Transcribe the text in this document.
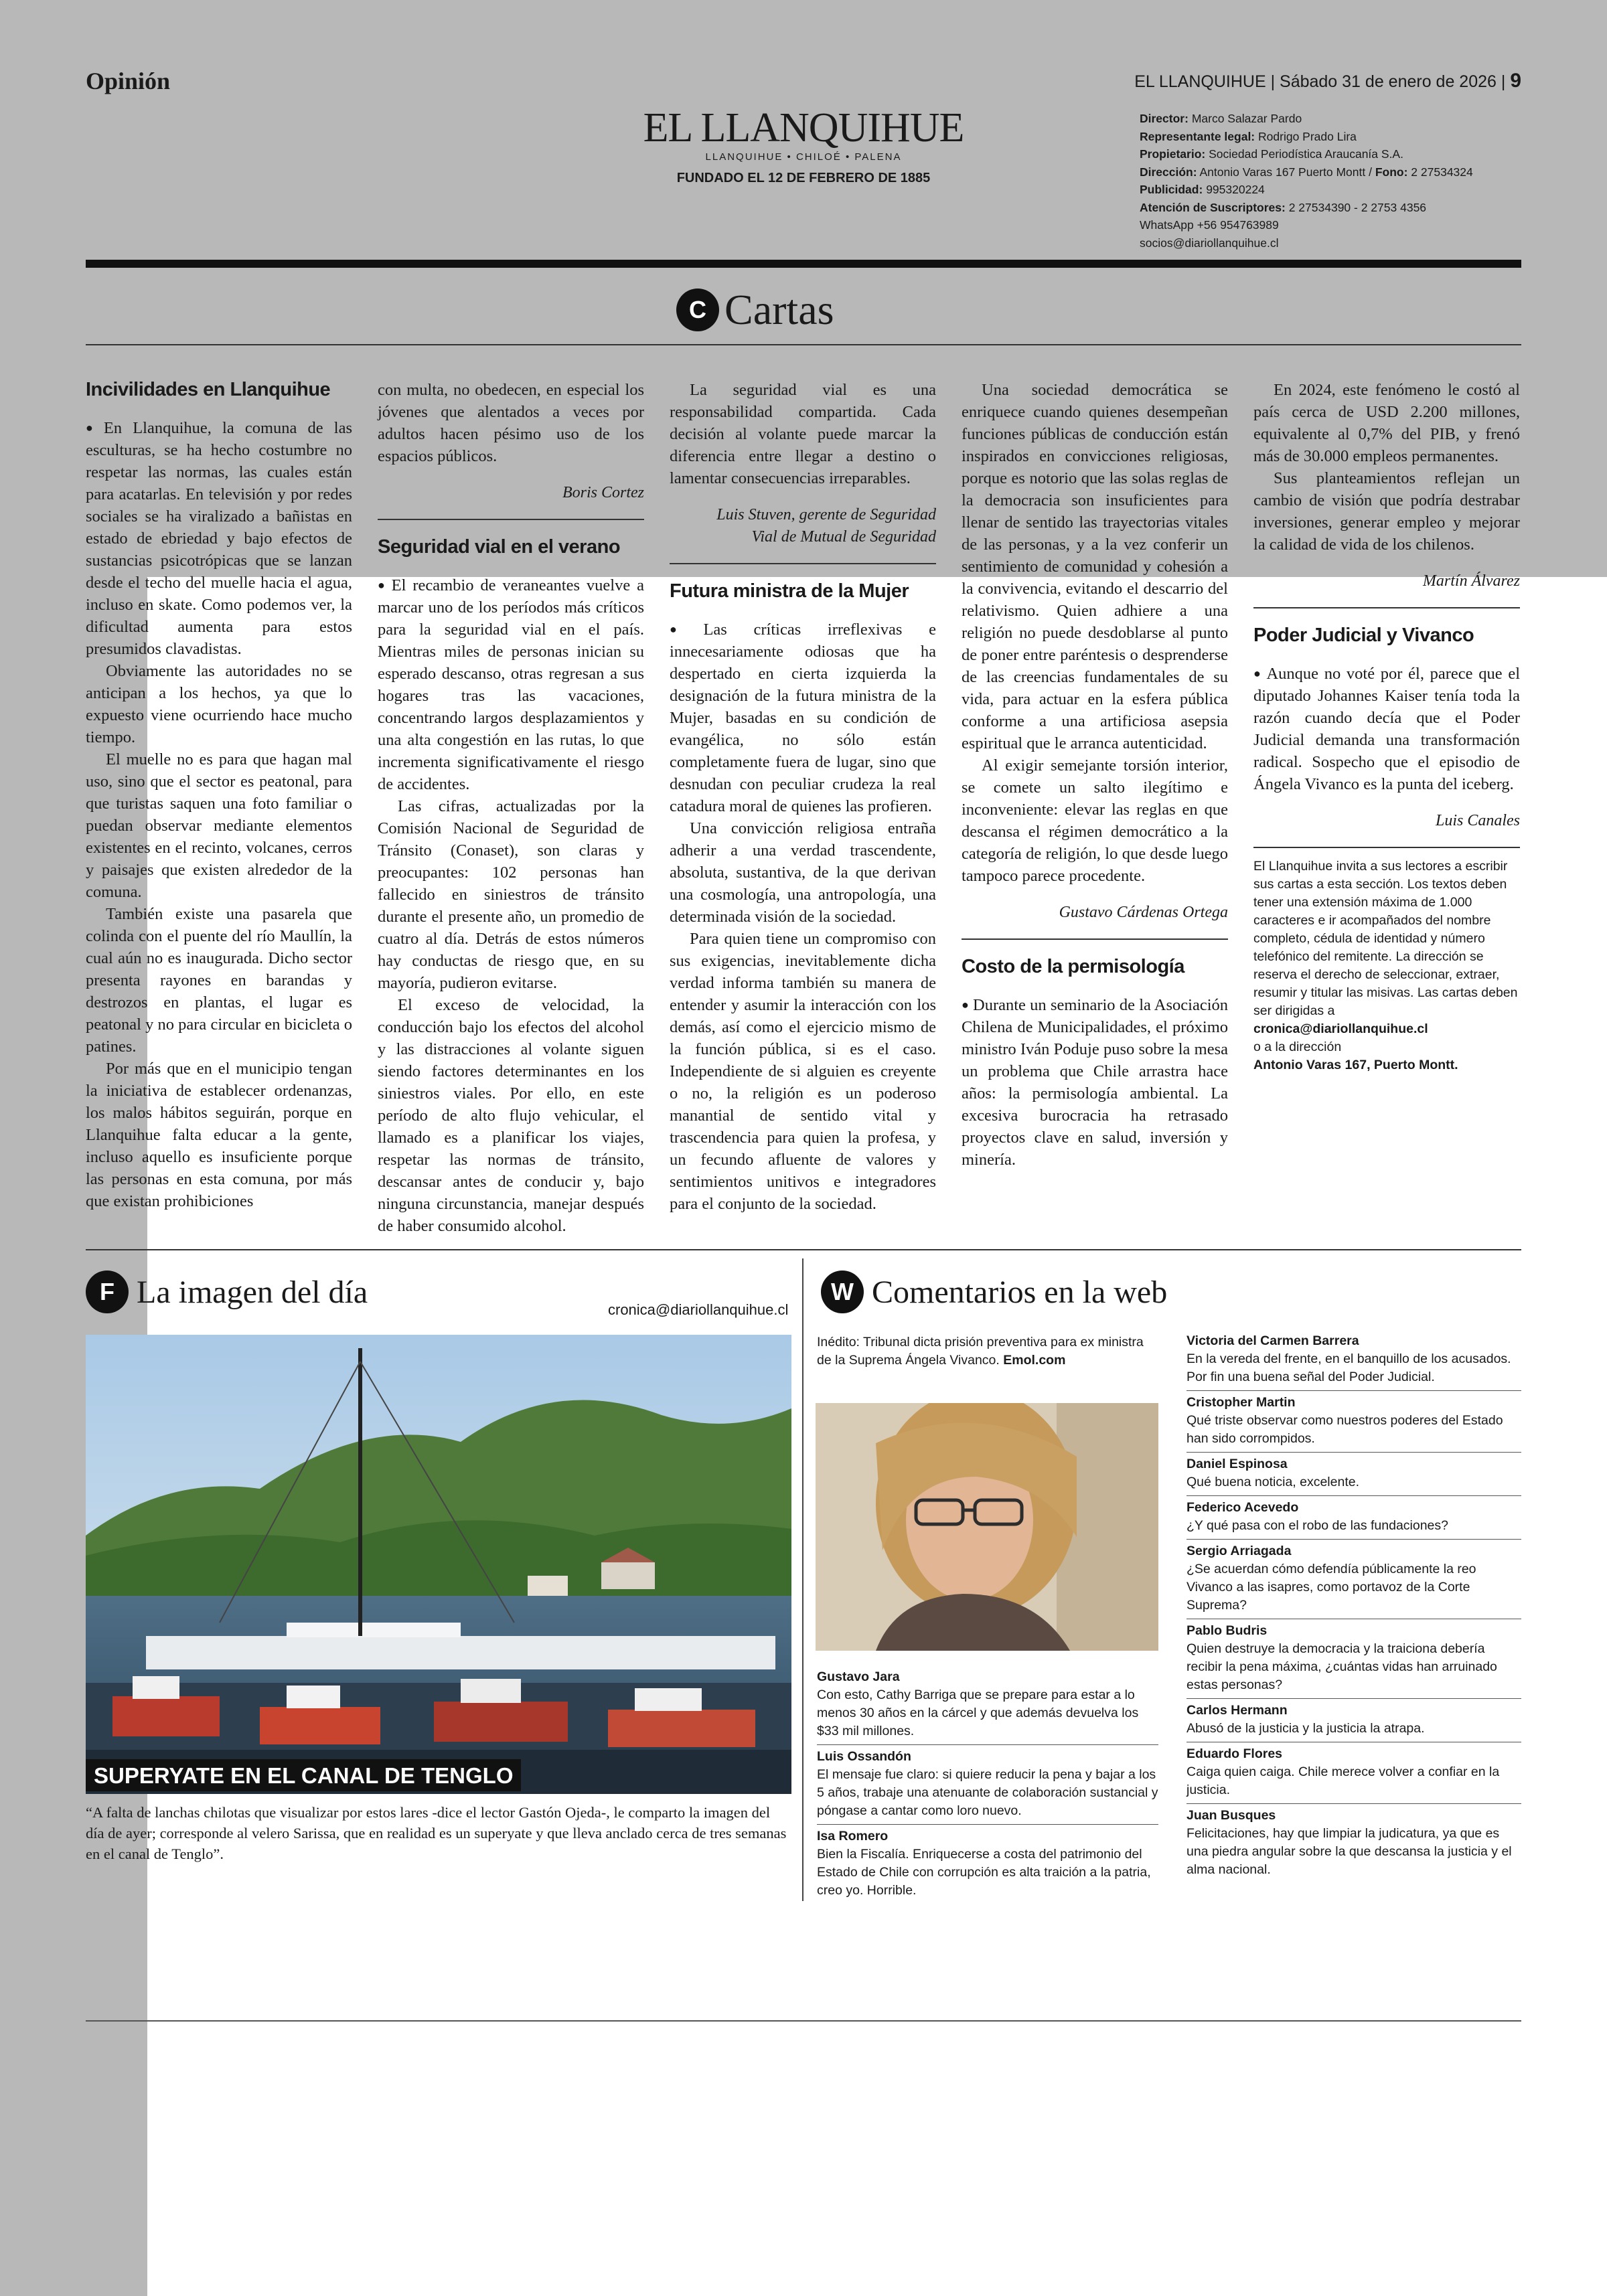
Opinión	EL LLANQUIHUE | Sábado 31 de enero de 2026 | 9
EL LLANQUIHUE
LLANQUIHUE • CHILOÉ • PALENA
FUNDADO EL 12 DE FEBRERO DE 1885
Director: Marco Salazar Pardo
Representante legal: Rodrigo Prado Lira
Propietario: Sociedad Periodística Araucanía S.A.
Dirección: Antonio Varas 167 Puerto Montt / Fono: 2 27534324
Publicidad: 995320224
Atención de Suscriptores: 2 27534390 - 2 2753 4356
WhatsApp +56 954763989
socios@diariollanquihue.cl
C Cartas
Incivilidades en Llanquihue

● En Llanquihue, la comuna de las esculturas, se ha hecho costumbre no respetar las normas, las cuales están para acatarlas. En televisión y por redes sociales se ha viralizado a bañistas en estado de ebriedad y bajo efectos de sustancias psicotrópicas que se lanzan desde el techo del muelle hacia el agua, incluso en skate. Como podemos ver, la dificultad aumenta para estos presumidos clavadistas.

Obviamente las autoridades no se anticipan a los hechos, ya que lo expuesto viene ocurriendo hace mucho tiempo.

El muelle no es para que hagan mal uso, sino que el sector es peatonal, para que turistas saquen una foto familiar o puedan observar mediante elementos existentes en el recinto, volcanes, cerros y paisajes que existen alrededor de la comuna.

También existe una pasarela que colinda con el puente del río Maullín, la cual aún no es inaugurada. Dicho sector presenta rayones en barandas y destrozos en plantas, el lugar es peatonal y no para circular en bicicleta o patines.

Por más que en el municipio tengan la iniciativa de establecer ordenanzas, los malos hábitos seguirán, porque en Llanquihue falta educar a la gente, incluso aquello es insuficiente porque las personas en esta comuna, por más que existan prohibiciones

con multa, no obedecen, en especial los jóvenes que alentados a veces por adultos hacen pésimo uso de los espacios públicos.

Boris Cortez
Seguridad vial en el verano

● El recambio de veraneantes vuelve a marcar uno de los períodos más críticos para la seguridad vial en el país. Mientras miles de personas inician su esperado descanso, otras regresan a sus hogares tras las vacaciones, concentrando largos desplazamientos y una alta congestión en las rutas, lo que incrementa significativamente el riesgo de accidentes.

Las cifras, actualizadas por la Comisión Nacional de Seguridad de Tránsito (Conaset), son claras y preocupantes: 102 personas han fallecido en siniestros de tránsito durante el presente año, un promedio de cuatro al día. Detrás de estos números hay conductas de riesgo que, en su mayoría, pudieron evitarse.

El exceso de velocidad, la conducción bajo los efectos del alcohol y las distracciones al volante siguen siendo factores determinantes en los siniestros viales. Por ello, en este período de alto flujo vehicular, el llamado es a planificar los viajes, respetar las normas de tránsito, descansar antes de conducir y, bajo ninguna circunstancia, manejar después de haber consumido alcohol.

La seguridad vial es una responsabilidad compartida. Cada decisión al volante puede marcar la diferencia entre llegar a destino o lamentar consecuencias irreparables.

Luis Stuven, gerente de Seguridad
Vial de Mutual de Seguridad
Futura ministra de la Mujer

● Las críticas irreflexivas e innecesariamente odiosas que ha despertado en cierta izquierda la designación de la futura ministra de la Mujer, basadas en su condición de evangélica, no sólo están completamente fuera de lugar, sino que desnudan con peculiar crudeza la real catadura moral de quienes las profieren.

Una convicción religiosa entraña adherir a una verdad trascendente, absoluta, sustantiva, de la que derivan una cosmología, una antropología, una determinada visión de la sociedad.

Para quien tiene un compromiso con sus exigencias, inevitablemente dicha verdad informa también su manera de entender y asumir la interacción con los demás, así como el ejercicio mismo de la función pública, si es el caso. Independiente de si alguien es creyente o no, la religión es un poderoso manantial de sentido vital y trascendencia para quien la profesa, y un fecundo afluente de valores y sentimientos unitivos e integradores para el conjunto de la sociedad.

Una sociedad democrática se enriquece cuando quienes desempeñan funciones públicas de conducción están inspirados en convicciones religiosas, porque es notorio que las solas reglas de la democracia son insuficientes para llenar de sentido las trayectorias vitales de las personas, y a la vez conferir un sentimiento de comunidad y cohesión a la convivencia, evitando el descarrio del relativismo. Quien adhiere a una religión no puede desdoblarse al punto de poner entre paréntesis o desprenderse de las creencias fundamentales de su vida, para actuar en la esfera pública conforme a una artificiosa asepsia espiritual que le arranca autenticidad.

Al exigir semejante torsión interior, se comete un salto ilegítimo e inconveniente: elevar las reglas en que descansa el régimen democrático a la categoría de religión, lo que desde luego tampoco parece procedente.

Gustavo Cárdenas Ortega
Costo de la permisología

● Durante un seminario de la Asociación Chilena de Municipalidades, el próximo ministro Iván Poduje puso sobre la mesa un problema que Chile arrastra hace años: la permisología ambiental. La excesiva burocracia ha retrasado proyectos clave en salud, inversión y minería.

En 2024, este fenómeno le costó al país cerca de USD 2.200 millones, equivalente al 0,7% del PIB, y frenó más de 30.000 empleos permanentes.

Sus planteamientos reflejan un cambio de visión que podría destrabar inversiones, generar empleo y mejorar la calidad de vida de los chilenos.

Martín Álvarez
Poder Judicial y Vivanco

● Aunque no voté por él, parece que el diputado Johannes Kaiser tenía toda la razón cuando decía que el Poder Judicial demanda una transformación radical. Sospecho que el episodio de Ángela Vivanco es la punta del iceberg.

Luis Canales
El Llanquihue invita a sus lectores a escribir sus cartas a esta sección. Los textos deben tener una extensión máxima de 1.000 caracteres e ir acompañados del nombre completo, cédula de identidad y número telefónico del remitente. La dirección se reserva el derecho de seleccionar, extraer, resumir y titular las misivas. Las cartas deben ser dirigidas a
cronica@diariollanquihue.cl
o a la dirección
Antonio Varas 167, Puerto Montt.
F La imagen del día	cronica@diariollanquihue.cl
SUPERYATE EN EL CANAL DE TENGLO
“A falta de lanchas chilotas que visualizar por estos lares -dice el lector Gastón Ojeda-, le comparto la imagen del día de ayer; corresponde al velero Sarissa, que en realidad es un superyate y que lleva anclado cerca de tres semanas en el canal de Tenglo”.
W Comentarios en la web
Inédito: Tribunal dicta prisión preventiva para ex ministra de la Suprema Ángela Vivanco. Emol.com
Gustavo Jara
Con esto, Cathy Barriga que se prepare para estar a lo menos 30 años en la cárcel y que además devuelva los $33 mil millones.
Luis Ossandón
El mensaje fue claro: si quiere reducir la pena y bajar a los 5 años, trabaje una atenuante de colaboración sustancial y póngase a cantar como loro nuevo.
Isa Romero
Bien la Fiscalía. Enriquecerse a costa del patrimonio del Estado de Chile con corrupción es alta traición a la patria, creo yo. Horrible.
Victoria del Carmen Barrera
En la vereda del frente, en el banquillo de los acusados. Por fin una buena señal del Poder Judicial.
Cristopher Martin
Qué triste observar como nuestros poderes del Estado han sido corrompidos.
Daniel Espinosa
Qué buena noticia, excelente.
Federico Acevedo
¿Y qué pasa con el robo de las fundaciones?
Sergio Arriagada
¿Se acuerdan cómo defendía públicamente la reo Vivanco a las isapres, como portavoz de la Corte Suprema?
Pablo Budris
Quien destruye la democracia y la traiciona debería recibir la pena máxima, ¿cuántas vidas han arruinado estas personas?
Carlos Hermann
Abusó de la justicia y la justicia la atrapa.
Eduardo Flores
Caiga quien caiga. Chile merece volver a confiar en la justicia.
Juan Busques
Felicitaciones, hay que limpiar la judicatura, ya que es una piedra angular sobre la que descansa la justicia y el alma nacional.
